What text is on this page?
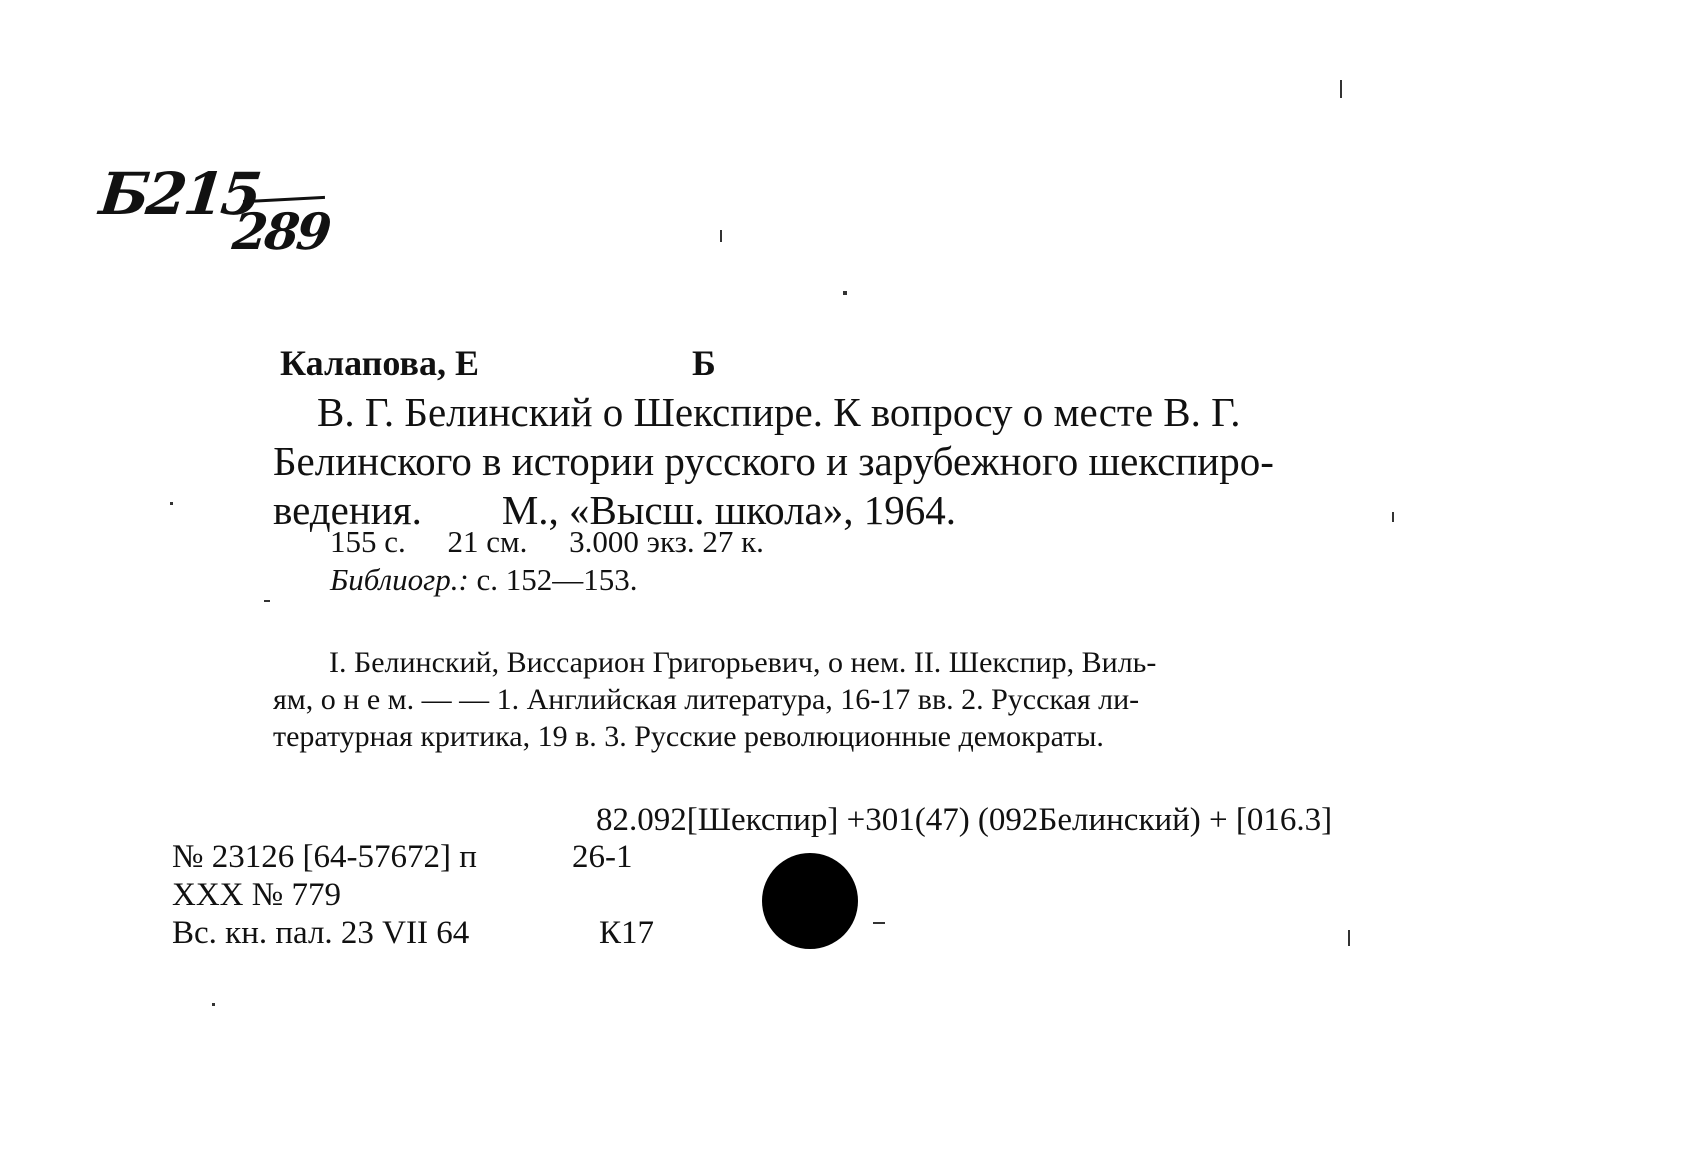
Б215
289
Калапова, Е	Б
В. Г. Белинский о Шекспире. К вопросу о месте В. Г.
Белинского в истории русского и зарубежного шекспиро-
ведения. М., «Высш. школа», 1964.
155 с. 21 см. 3.000 экз. 27 к.
Библиогр.: с. 152—153.
I. Белинский, Виссарион Григорьевич, о нем. II. Шекспир, Виль-
ям, о н е м. — — 1. Английская литература, 16-17 вв. 2. Русская ли-
тературная критика, 19 в. 3. Русские революционные демократы.
82.092[Шекспир] +301(47) (092Белинский) + [016.3]
№ 23126 [64-57672] п	26-1
XXX № 779
Вс. кн. пал. 23 VII 64	К17
